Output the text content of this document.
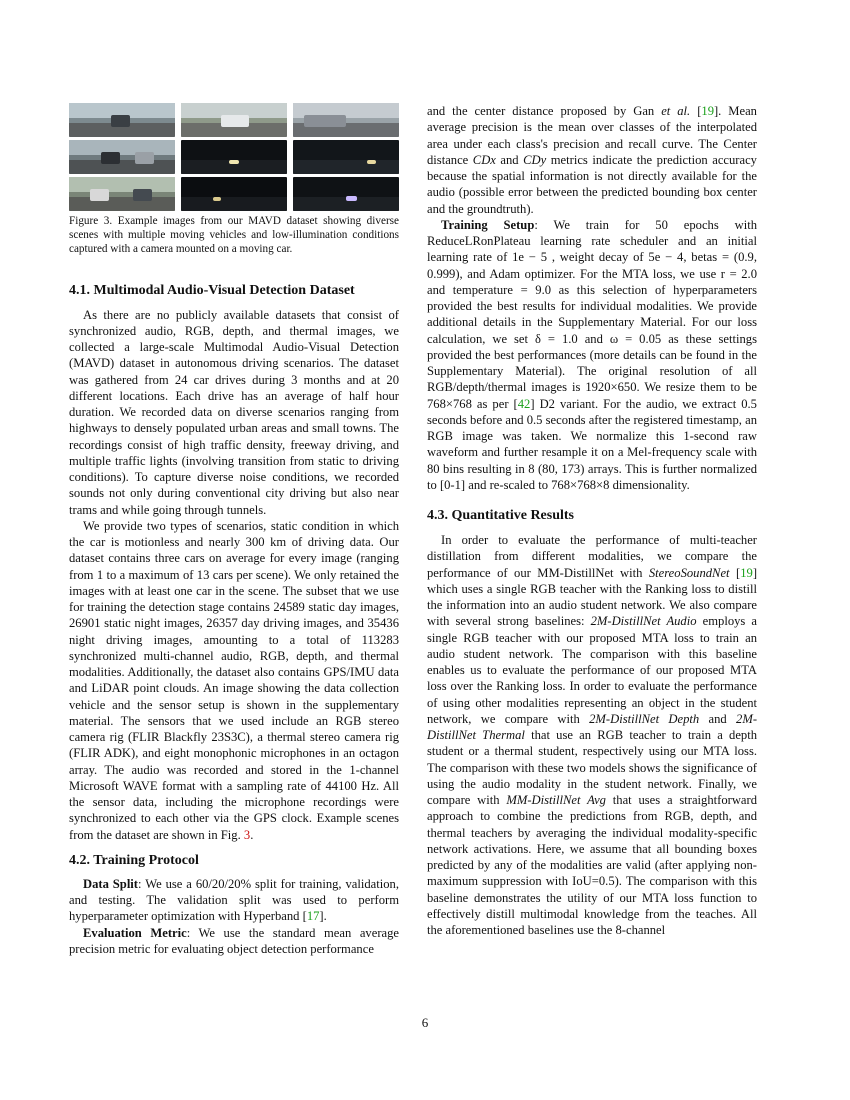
Figure 3. Example images from our MAVD dataset showing diverse scenes with multiple moving vehicles and low-illumination conditions captured with a camera mounted on a moving car.

4.1. Multimodal Audio-Visual Detection Dataset

As there are no publicly available datasets that consist of synchronized audio, RGB, depth, and thermal images, we collected a large-scale Multimodal Audio-Visual Detection (MAVD) dataset in autonomous driving scenarios. The dataset was gathered from 24 car drives during 3 months and at 20 different locations. Each drive has an average of half hour duration. We recorded data on diverse scenarios ranging from highways to densely populated urban areas and small towns. The recordings consist of high traffic density, freeway driving, and multiple traffic lights (involving transition from static to driving conditions). To capture diverse noise conditions, we recorded sounds not only during conventional city driving but also near trams and while going through tunnels.

We provide two types of scenarios, static condition in which the car is motionless and nearly 300 km of driving data. Our dataset contains three cars on average for every image (ranging from 1 to a maximum of 13 cars per scene). We only retained the images with at least one car in the scene. The subset that we use for training the detection stage contains 24589 static day images, 26901 static night images, 26357 day driving images, and 35436 night driving images, amounting to a total of 113283 synchronized multi-channel audio, RGB, depth, and thermal modalities. Additionally, the dataset also contains GPS/IMU data and LiDAR point clouds. An image showing the data collection vehicle and the sensor setup is shown in the supplementary material. The sensors that we used include an RGB stereo camera rig (FLIR Blackfly 23S3C), a thermal stereo camera rig (FLIR ADK), and eight monophonic microphones in an octagon array. The audio was recorded and stored in the 1-channel Microsoft WAVE format with a sampling rate of 44100 Hz. All the sensor data, including the microphone recordings were synchronized to each other via the GPS clock. Example scenes from the dataset are shown in Fig. 3.

4.2. Training Protocol

Data Split: We use a 60/20/20% split for training, validation, and testing. The validation split was used to perform hyperparameter optimization with Hyperband [17].

Evaluation Metric: We use the standard mean average precision metric for evaluating object detection performance

and the center distance proposed by Gan et al. [19]. Mean average precision is the mean over classes of the interpolated area under each class's precision and recall curve. The Center distance CDx and CDy metrics indicate the prediction accuracy because the spatial information is not directly available for the audio (possible error between the predicted bounding box center and the groundtruth).

Training Setup: We train for 50 epochs with ReduceLRonPlateau learning rate scheduler and an initial learning rate of 1e − 5 , weight decay of 5e − 4, betas = (0.9, 0.999), and Adam optimizer. For the MTA loss, we use r = 2.0 and temperature = 9.0 as this selection of hyperparameters provided the best results for individual modalities. We provide additional details in the Supplementary Material. For our loss calculation, we set δ = 1.0 and ω = 0.05 as these settings provided the best performances (more details can be found in the Supplementary Material). The original resolution of all RGB/depth/thermal images is 1920×650. We resize them to be 768×768 as per [42] D2 variant. For the audio, we extract 0.5 seconds before and 0.5 seconds after the registered timestamp, an RGB image was taken. We normalize this 1-second raw waveform and further resample it on a Mel-frequency scale with 80 bins resulting in 8 (80, 173) arrays. This is further normalized to [0-1] and re-scaled to 768×768×8 dimensionality.

4.3. Quantitative Results

In order to evaluate the performance of multi-teacher distillation from different modalities, we compare the performance of our MM-DistillNet with StereoSoundNet [19] which uses a single RGB teacher with the Ranking loss to distill the information into an audio student network. We also compare with several strong baselines: 2M-DistillNet Audio employs a single RGB teacher with our proposed MTA loss to train an audio student network. The comparison with this baseline enables us to evaluate the performance of our proposed MTA loss over the Ranking loss. In order to evaluate the performance of using other modalities representing an object in the student network, we compare with 2M-DistillNet Depth and 2M-DistillNet Thermal that use an RGB teacher to train a depth student or a thermal student, respectively using our MTA loss. The comparison with these two models shows the significance of using the audio modality in the student network. Finally, we compare with MM-DistillNet Avg that uses a straightforward approach to combine the predictions from RGB, depth, and thermal teachers by averaging the individual modality-specific network activations. Here, we assume that all bounding boxes predicted by any of the modalities are valid (after applying non-maximum suppression with IoU=0.5). The comparison with this baseline demonstrates the utility of our MTA loss function to effectively distill multimodal knowledge from the teaches. All the aforementioned baselines use the 8-channel

6
